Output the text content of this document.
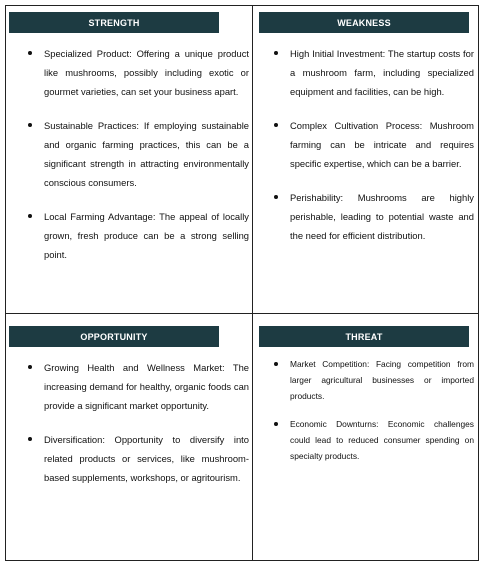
STRENGTH
Specialized Product: Offering a unique product like mushrooms, possibly including exotic or gourmet varieties, can set your business apart.
Sustainable Practices: If employing sustainable and organic farming practices, this can be a significant strength in attracting environmentally conscious consumers.
Local Farming Advantage: The appeal of locally grown, fresh produce can be a strong selling point.
WEAKNESS
High Initial Investment: The startup costs for a mushroom farm, including specialized equipment and facilities, can be high.
Complex Cultivation Process: Mushroom farming can be intricate and requires specific expertise, which can be a barrier.
Perishability: Mushrooms are highly perishable, leading to potential waste and the need for efficient distribution.
OPPORTUNITY
Growing Health and Wellness Market: The increasing demand for healthy, organic foods can provide a significant market opportunity.
Diversification: Opportunity to diversify into related products or services, like mushroom-based supplements, workshops, or agritourism.
THREAT
Market Competition: Facing competition from larger agricultural businesses or imported products.
Economic Downturns: Economic challenges could lead to reduced consumer spending on specialty products.
